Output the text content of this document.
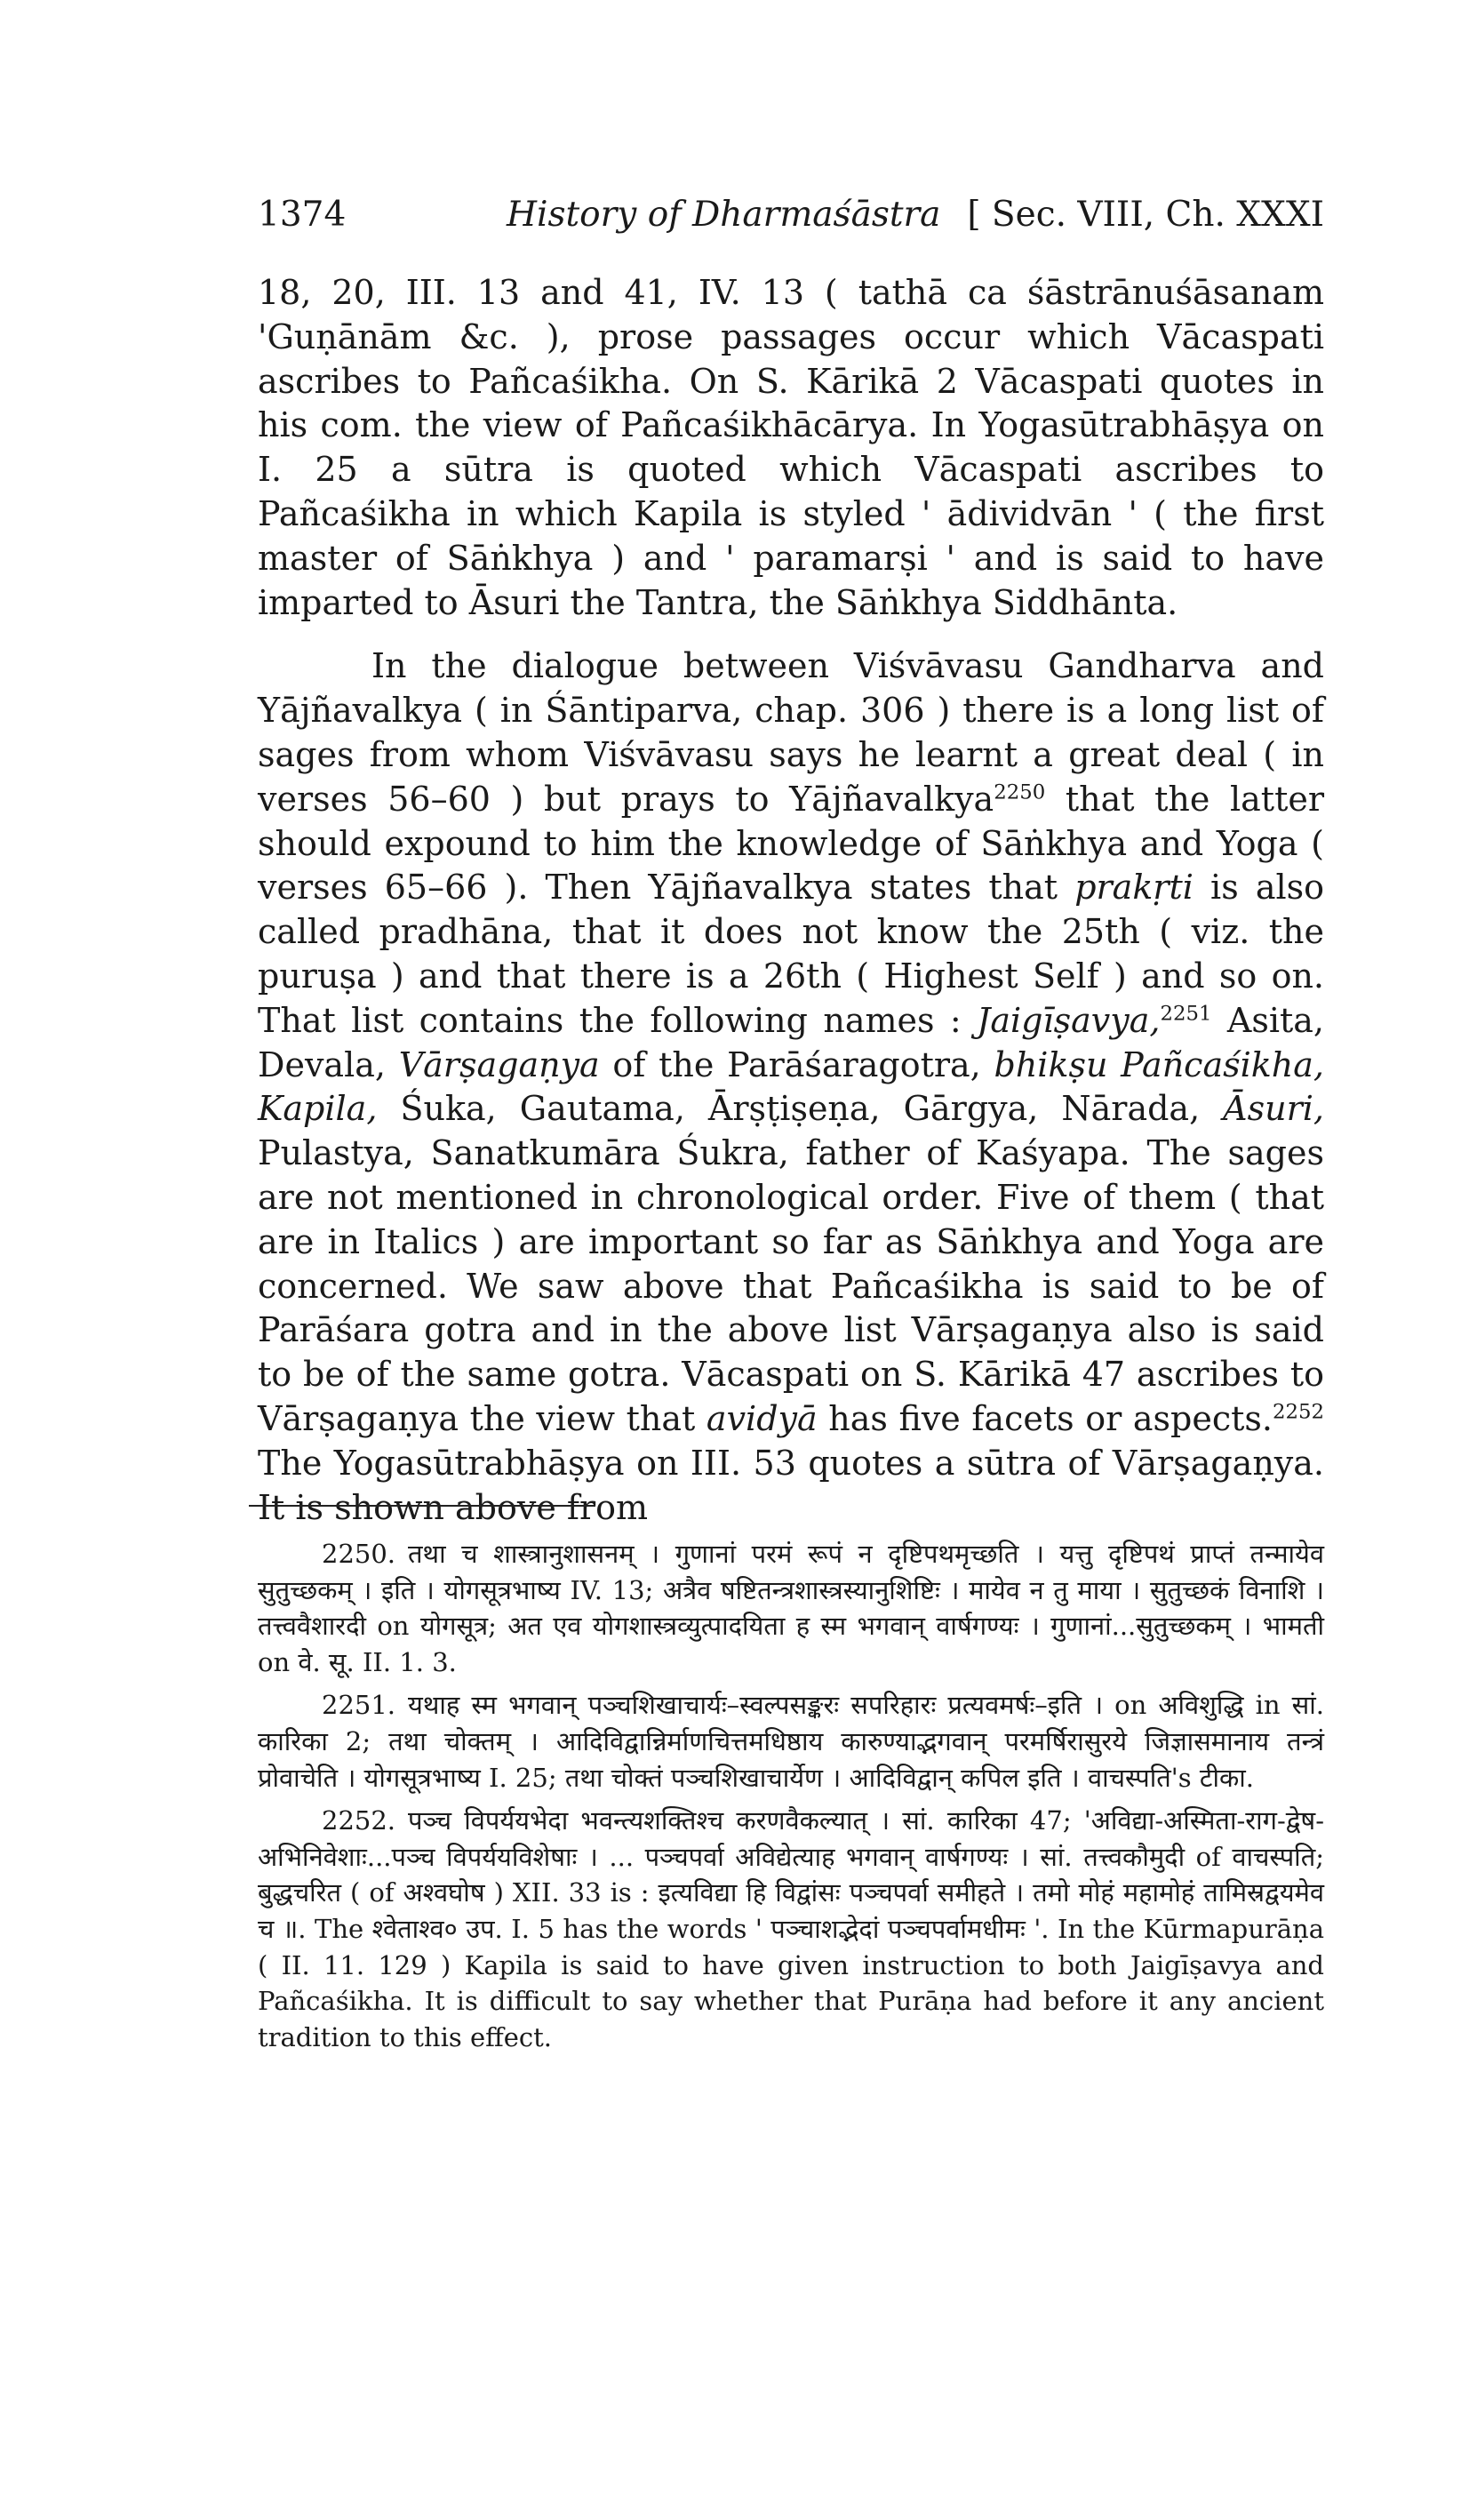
1374	History of Dharmaśāstra [ Sec. VIII, Ch. XXXI

18, 20, III. 13 and 41, IV. 13 ( tathā ca śāstrānuśāsanam 'Guṇānām &c. ), prose passages occur which Vācaspati ascribes to Pañcaśikha. On S. Kārikā 2 Vācaspati quotes in his com. the view of Pañcaśikhācārya. In Yogasūtrabhāṣya on I. 25 a sūtra is quoted which Vācaspati ascribes to Pañcaśikha in which Kapila is styled ' ādividvān ' ( the first master of Sāṅkhya ) and ' paramarṣi ' and is said to have imparted to Āsuri the Tantra, the Sāṅkhya Siddhānta.

In the dialogue between Viśvāvasu Gandharva and Yājñavalkya ( in Śāntiparva, chap. 306 ) there is a long list of sages from whom Viśvāvasu says he learnt a great deal ( in verses 56–60 ) but prays to Yājñavalkya$^{2250}$ that the latter should expound to him the knowledge of Sāṅkhya and Yoga ( verses 65–66 ). Then Yājñavalkya states that prakṛti is also called pradhāna, that it does not know the 25th ( viz. the puruṣa ) and that there is a 26th ( Highest Self ) and so on. That list contains the following names : Jaigīṣavya,$^{2251}$ Asita, Devala, Vārṣagaṇya of the Parāśaragotra, bhikṣu Pañcaśikha, Kapila, Śuka, Gautama, Ārṣṭiṣeṇa, Gārgya, Nārada, Āsuri, Pulastya, Sanatkumāra Śukra, father of Kaśyapa. The sages are not mentioned in chronological order. Five of them ( that are in Italics ) are important so far as Sāṅkhya and Yoga are concerned. We saw above that Pañcaśikha is said to be of Parāśara gotra and in the above list Vārṣagaṇya also is said to be of the same gotra. Vācaspati on S. Kārikā 47 ascribes to Vārṣagaṇya the view that avidyā has five facets or aspects.$^{2252}$ The Yogasūtrabhāṣya on III. 53 quotes a sūtra of Vārṣagaṇya. It is shown above from

2250. तथा च शास्त्रानुशासनम् । गुणानां परमं रूपं न दृष्टिपथमृच्छति । यत्तु दृष्टिपथं प्राप्तं तन्मायेव सुतुच्छकम् । इति । योगसूत्रभाष्य IV. 13; अत्रैव षष्टितन्त्रशास्त्रस्यानुशिष्टिः । मायेव न तु माया । सुतुच्छकं विनाशि । तत्त्ववैशारदी on योगसूत्र; अत एव योगशास्त्रव्युत्पादयिता ह स्म भगवान् वार्षगण्यः । गुणानां...सुतुच्छकम् । भामती on वे. सू. II. 1. 3.

2251. यथाह स्म भगवान् पञ्चशिखाचार्यः–स्वल्पसङ्करः सपरिहारः प्रत्यवमर्षः–इति । on अविशुद्धि in सां. कारिका 2; तथा चोक्तम् । आदिविद्वान्निर्माणचित्तमधिष्ठाय कारुण्याद्भगवान् परमर्षिरासुरये जिज्ञासमानाय तन्त्रं प्रोवाचेति । योगसूत्रभाष्य I. 25; तथा चोक्तं पञ्चशिखाचार्येण । आदिविद्वान् कपिल इति । वाचस्पति's टीका.

2252. पञ्च विपर्ययभेदा भवन्त्यशक्तिश्च करणवैकल्यात् । सां. कारिका 47; 'अविद्या-अस्मिता-राग-द्वेष-अभिनिवेशाः...पञ्च विपर्ययविशेषाः । ... पञ्चपर्वा अविद्येत्याह भगवान् वार्षगण्यः । सां. तत्त्वकौमुदी of वाचस्पति; बुद्धचरित ( of अश्वघोष ) XII. 33 is : इत्यविद्या हि विद्वांसः पञ्चपर्वा समीहते । तमो मोहं महामोहं तामिस्रद्वयमेव च ॥. The श्वेताश्व० उप. I. 5 has the words ' पञ्चाशद्भेदां पञ्चपर्वामधीमः '. In the Kūrmapurāṇa ( II. 11. 129 ) Kapila is said to have given instruction to both Jaigīṣavya and Pañcaśikha. It is difficult to say whether that Purāṇa had before it any ancient tradition to this effect.
